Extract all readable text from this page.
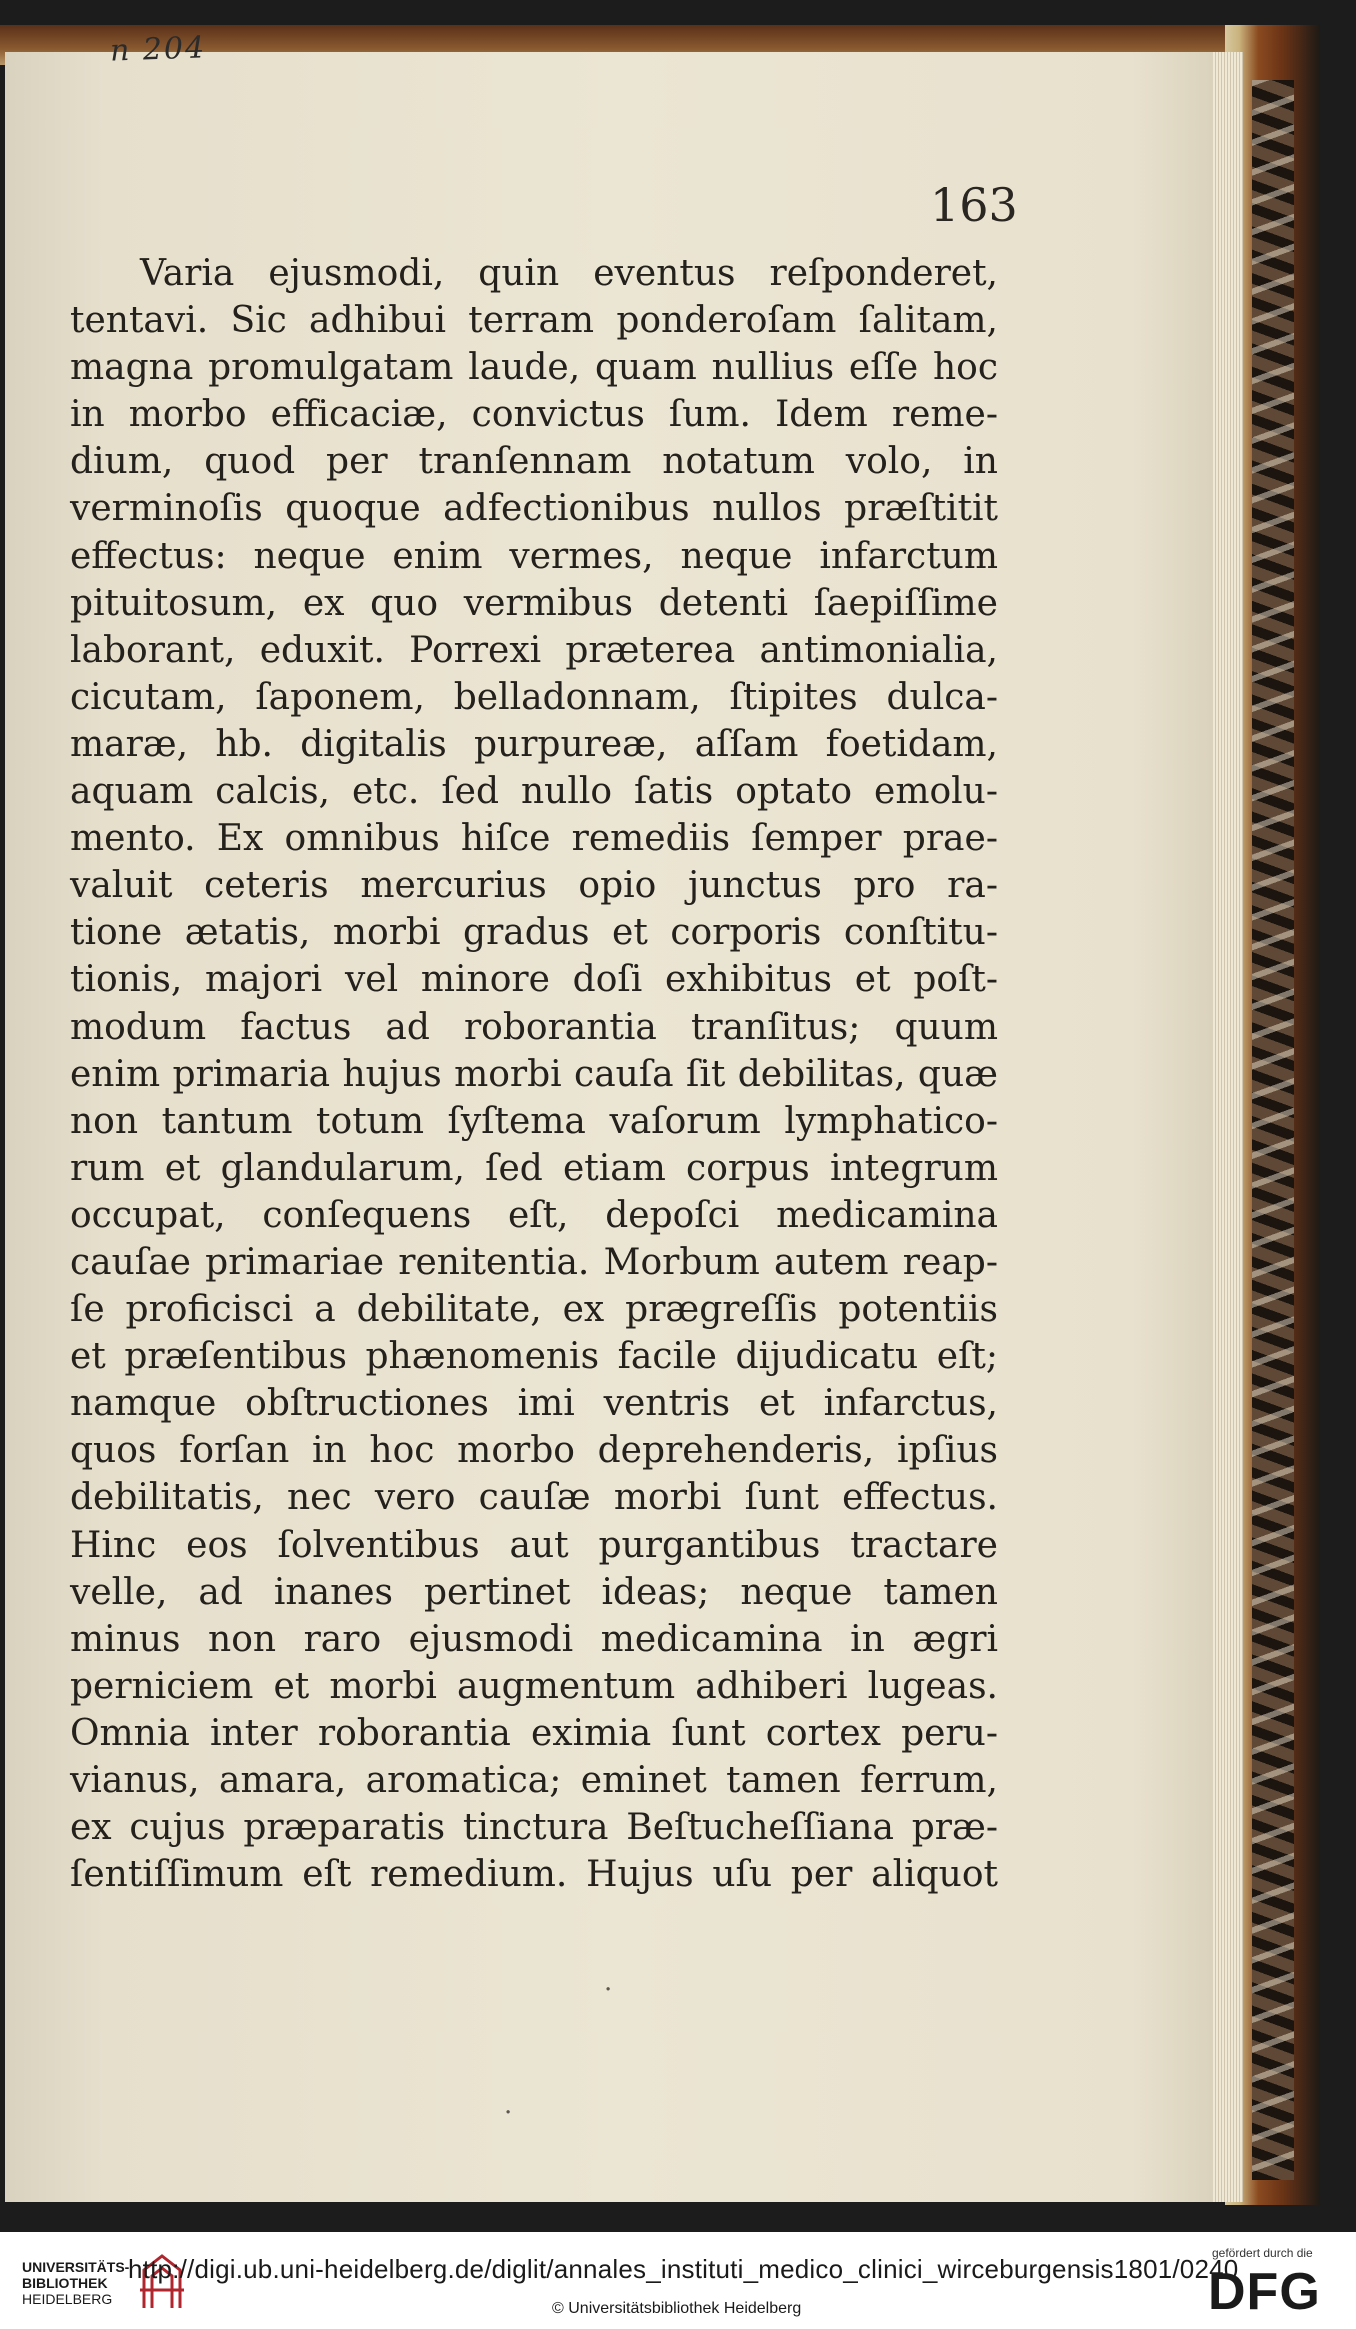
n 204
163
Varia ejusmodi, quin eventus reſponderet,
tentavi. Sic adhibui terram ponderoſam ſalitam,
magna promulgatam laude, quam nullius eſſe hoc
in morbo efficaciæ, convictus ſum. Idem reme-
dium, quod per tranſennam notatum volo, in
verminoſis quoque adfectionibus nullos præſtitit
effectus: neque enim vermes, neque infarctum
pituitosum, ex quo vermibus detenti ſaepiſſime
laborant, eduxit. Porrexi præterea antimonialia,
cicutam, ſaponem, belladonnam, ſtipites dulca-
maræ, hb. digitalis purpureæ, aſſam foetidam,
aquam calcis, etc. ſed nullo ſatis optato emolu-
mento. Ex omnibus hiſce remediis ſemper prae-
valuit ceteris mercurius opio junctus pro ra-
tione ætatis, morbi gradus et corporis conſtitu-
tionis, majori vel minore doſi exhibitus et poſt-
modum factus ad roborantia tranſitus; quum
enim primaria hujus morbi cauſa ſit debilitas, quæ
non tantum totum ſyſtema vaſorum lymphatico-
rum et glandularum, ſed etiam corpus integrum
occupat, conſequens eſt, depoſci medicamina
cauſae primariae renitentia. Morbum autem reap-
ſe proficisci a debilitate, ex prægreſſis potentiis
et præſentibus phænomenis facile dijudicatu eſt;
namque obſtructiones imi ventris et infarctus,
quos forſan in hoc morbo deprehenderis, ipſius
debilitatis, nec vero cauſæ morbi ſunt effectus.
Hinc eos ſolventibus aut purgantibus tractare
velle, ad inanes pertinet ideas; neque tamen
minus non raro ejusmodi medicamina in ægri
perniciem et morbi augmentum adhiberi lugeas.
Omnia inter roborantia eximia ſunt cortex peru-
vianus, amara, aromatica; eminet tamen ferrum,
ex cujus præparatis tinctura Beſtucheſſiana præ-
ſentiſſimum eſt remedium. Hujus uſu per aliquot
·
·
UNIVERSITÄTS-
BIBLIOTHEK
HEIDELBERG
http://digi.ub.uni-heidelberg.de/diglit/annales_instituti_medico_clinici_wirceburgensis1801/0240
© Universitätsbibliothek Heidelberg
gefördert durch die
DFG
